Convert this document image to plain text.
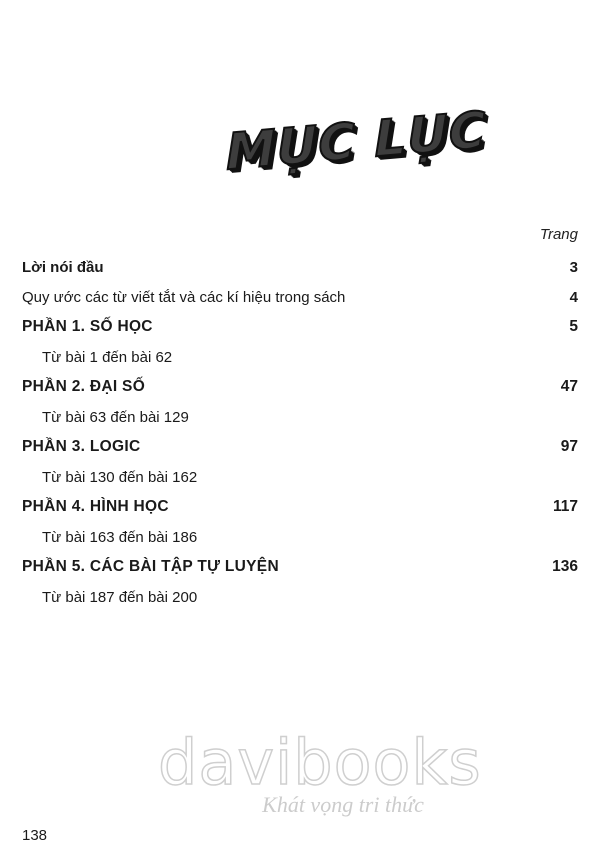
MỤC LỤC
Trang
Lời nói đầu	3
Quy ước các từ viết tắt và các kí hiệu trong sách	4
PHẦN 1. SỐ HỌC	5
Từ bài 1 đến bài 62
PHẦN 2. ĐẠI SỐ	47
Từ bài 63 đến bài 129
PHẦN 3. LOGIC	97
Từ bài 130 đến bài 162
PHẦN 4. HÌNH HỌC	117
Từ bài 163 đến bài 186
PHẦN 5. CÁC BÀI TẬP TỰ LUYỆN	136
Từ bài 187 đến bài 200
davibooks
Khát vọng tri thức
138
